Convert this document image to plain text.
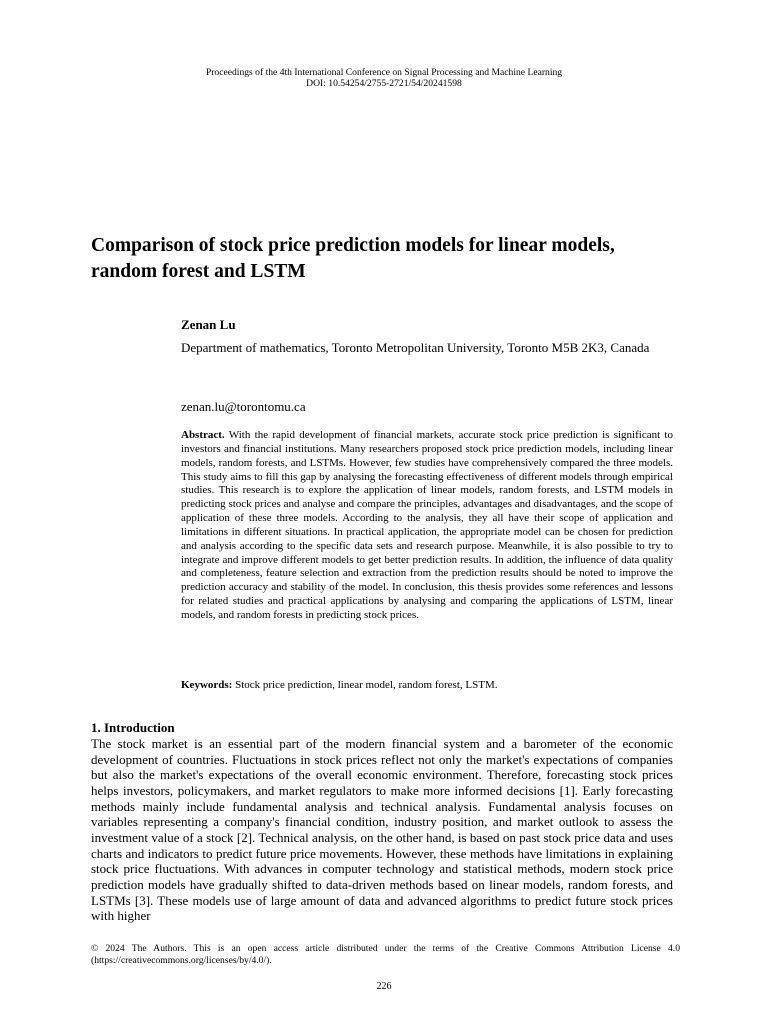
Proceedings of the 4th International Conference on Signal Processing and Machine Learning
DOI: 10.54254/2755-2721/54/20241598
Comparison of stock price prediction models for linear models, random forest and LSTM
Zenan Lu
Department of mathematics, Toronto Metropolitan University, Toronto M5B 2K3, Canada
zenan.lu@torontomu.ca
Abstract. With the rapid development of financial markets, accurate stock price prediction is significant to investors and financial institutions. Many researchers proposed stock price prediction models, including linear models, random forests, and LSTMs. However, few studies have comprehensively compared the three models. This study aims to fill this gap by analysing the forecasting effectiveness of different models through empirical studies. This research is to explore the application of linear models, random forests, and LSTM models in predicting stock prices and analyse and compare the principles, advantages and disadvantages, and the scope of application of these three models. According to the analysis, they all have their scope of application and limitations in different situations. In practical application, the appropriate model can be chosen for prediction and analysis according to the specific data sets and research purpose. Meanwhile, it is also possible to try to integrate and improve different models to get better prediction results. In addition, the influence of data quality and completeness, feature selection and extraction from the prediction results should be noted to improve the prediction accuracy and stability of the model. In conclusion, this thesis provides some references and lessons for related studies and practical applications by analysing and comparing the applications of LSTM, linear models, and random forests in predicting stock prices.
Keywords: Stock price prediction, linear model, random forest, LSTM.
1. Introduction
The stock market is an essential part of the modern financial system and a barometer of the economic development of countries. Fluctuations in stock prices reflect not only the market's expectations of companies but also the market's expectations of the overall economic environment. Therefore, forecasting stock prices helps investors, policymakers, and market regulators to make more informed decisions [1]. Early forecasting methods mainly include fundamental analysis and technical analysis. Fundamental analysis focuses on variables representing a company's financial condition, industry position, and market outlook to assess the investment value of a stock [2]. Technical analysis, on the other hand, is based on past stock price data and uses charts and indicators to predict future price movements. However, these methods have limitations in explaining stock price fluctuations. With advances in computer technology and statistical methods, modern stock price prediction models have gradually shifted to data-driven methods based on linear models, random forests, and LSTMs [3]. These models use of large amount of data and advanced algorithms to predict future stock prices with higher
© 2024 The Authors. This is an open access article distributed under the terms of the Creative Commons Attribution License 4.0 (https://creativecommons.org/licenses/by/4.0/).
226
